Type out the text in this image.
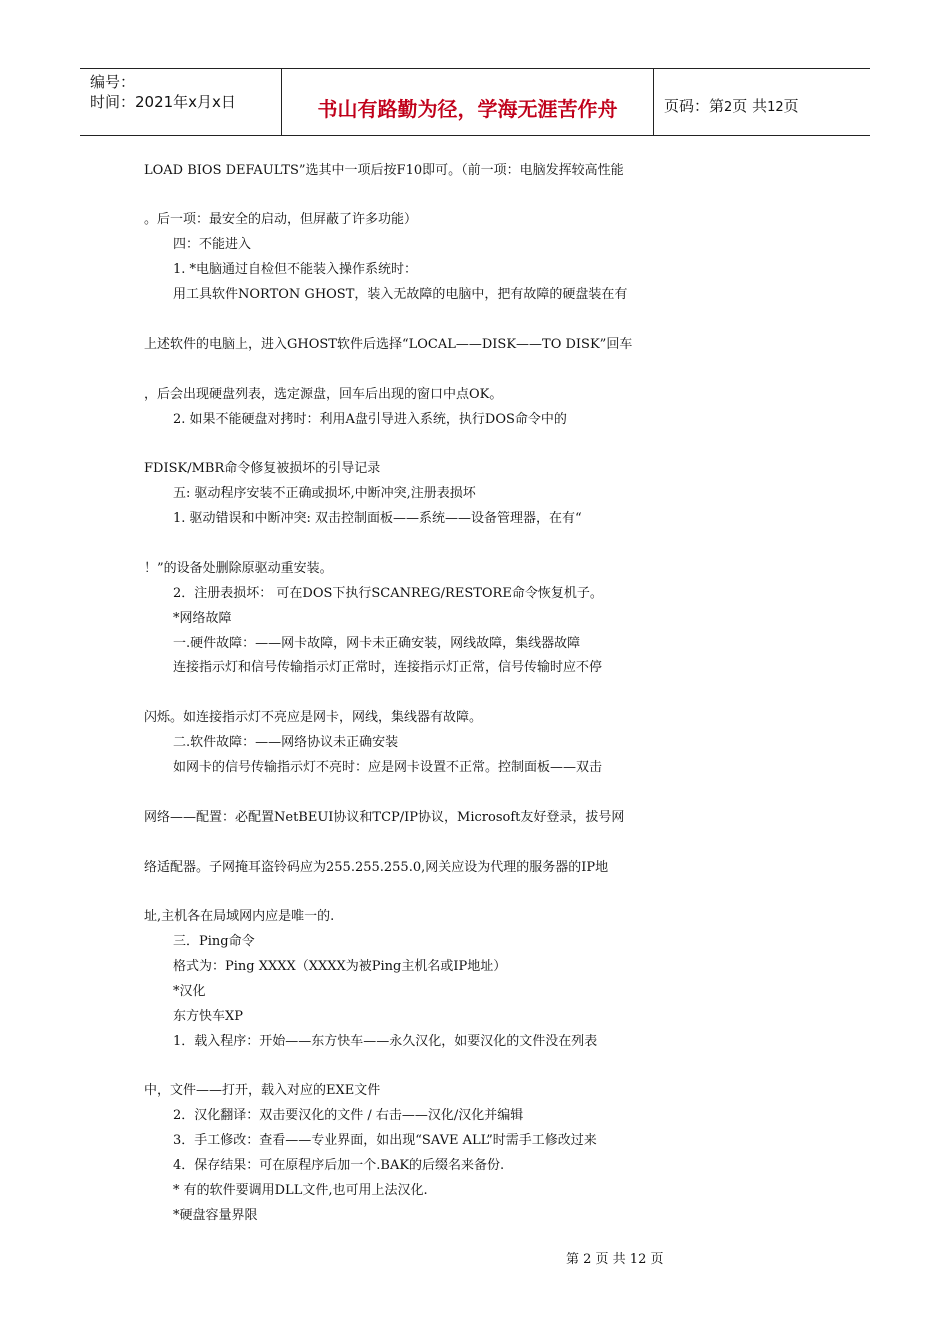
编号：
时间：2021年x月x日	书山有路勤为径，学海无涯苦作舟	页码：第2页 共12页
LOAD BIOS DEFAULTS”选其中一项后按F10即可。（前一项：电脑发挥较高性能
。后一项：最安全的启动，但屏蔽了许多功能）
四：不能进入
1. *电脑通过自检但不能装入操作系统时：
用工具软件NORTON GHOST，装入无故障的电脑中，把有故障的硬盘装在有
上述软件的电脑上，进入GHOST软件后选择“LOCAL——DISK——TO DISK”回车
，后会出现硬盘列表，选定源盘，回车后出现的窗口中点OK。
2. 如果不能硬盘对拷时：利用A盘引导进入系统，执行DOS命令中的
FDISK/MBR命令修复被损坏的引导记录
五: 驱动程序安装不正确或损坏,中断冲突,注册表损坏
1. 驱动错误和中断冲突: 双击控制面板——系统——设备管理器，在有“
！”的设备处删除原驱动重安装。
2．注册表损坏： 可在DOS下执行SCANREG/RESTORE命令恢复机子。
*网络故障
一.硬件故障：——网卡故障，网卡未正确安装，网线故障，集线器故障
连接指示灯和信号传输指示灯正常时，连接指示灯正常，信号传输时应不停
闪烁。如连接指示灯不亮应是网卡，网线，集线器有故障。
二.软件故障：——网络协议未正确安装
如网卡的信号传输指示灯不亮时：应是网卡设置不正常。控制面板——双击
网络——配置：必配置NetBEUI协议和TCP/IP协议，Microsoft友好登录，拔号网
络适配器。子网掩耳盗铃码应为255.255.255.0,网关应设为代理的服务器的IP地
址,主机各在局域网内应是唯一的.
三．Ping命令
格式为：Ping XXXX（XXXX为被Ping主机名或IP地址）
*汉化
东方快车XP
1．载入程序：开始——东方快车——永久汉化，如要汉化的文件没在列表
中，文件——打开，载入对应的EXE文件
2．汉化翻译：双击要汉化的文件 / 右击——汉化/汉化并编辑
3．手工修改：查看——专业界面，如出现“SAVE ALL”时需手工修改过来
4．保存结果：可在原程序后加一个.BAK的后缀名来备份.
* 有的软件要调用DLL文件,也可用上法汉化.
*硬盘容量界限
第 2 页 共 12 页
